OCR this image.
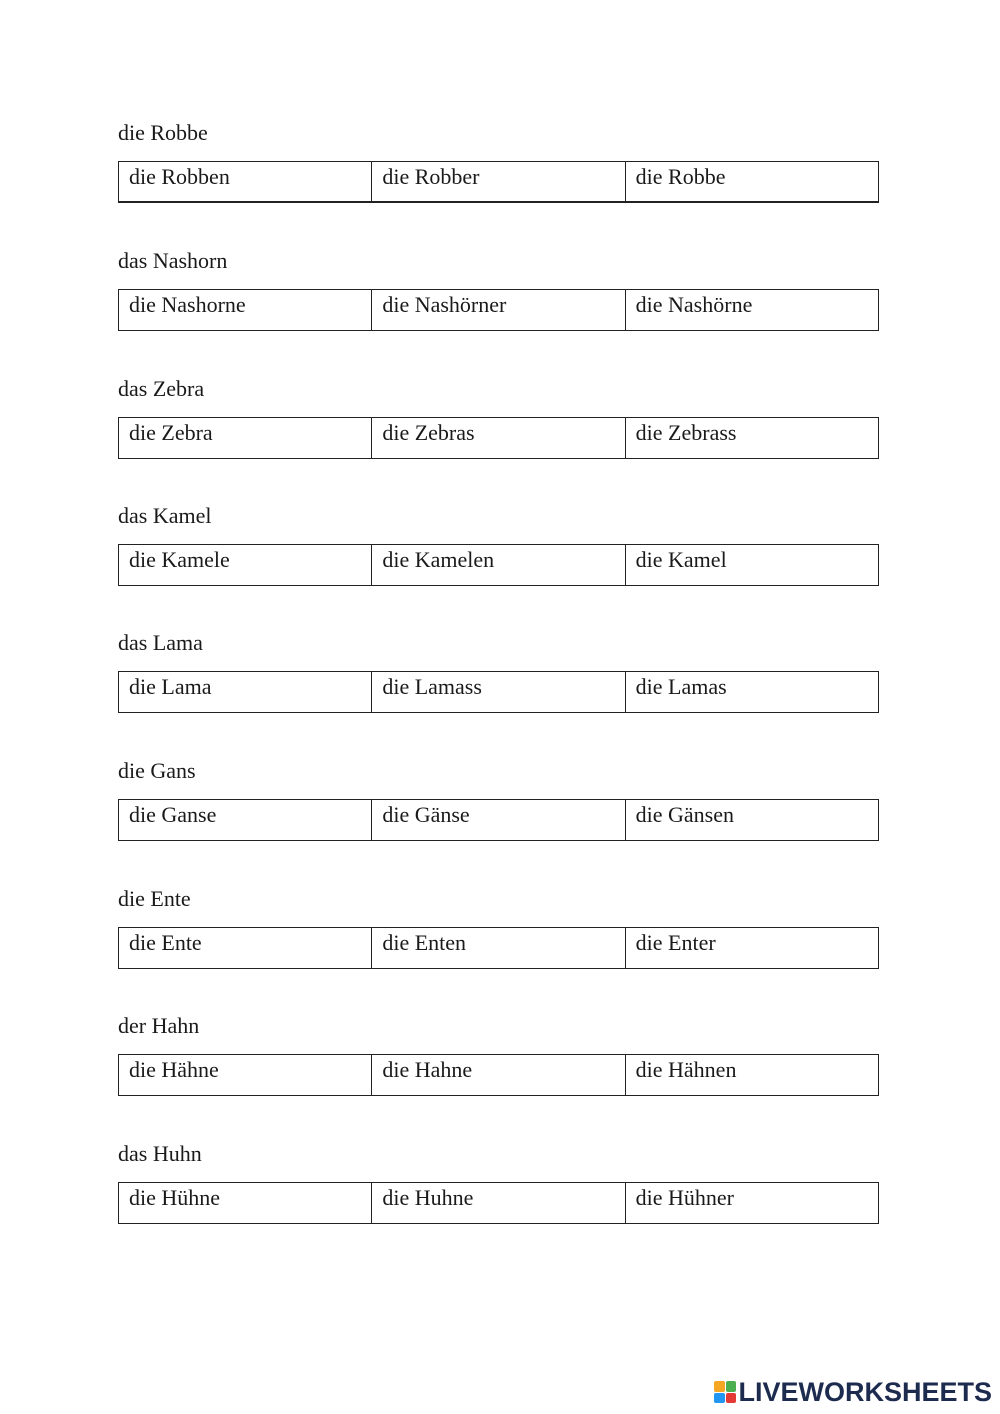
die Robbe

die Robben	die Robber	die Robbe

das Nashorn

die Nashorne	die Nashörner	die Nashörne

das Zebra

die Zebra	die Zebras	die Zebrass

das Kamel

die Kamele	die Kamelen	die Kamel

das Lama

die Lama	die Lamass	die Lamas

die Gans

die Ganse	die Gänse	die Gänsen

die Ente

die Ente	die Enten	die Enter

der Hahn

die Hähne	die Hahne	die Hähnen

das Huhn

die Hühne	die Huhne	die Hühner
LIVEWORKSHEETS
